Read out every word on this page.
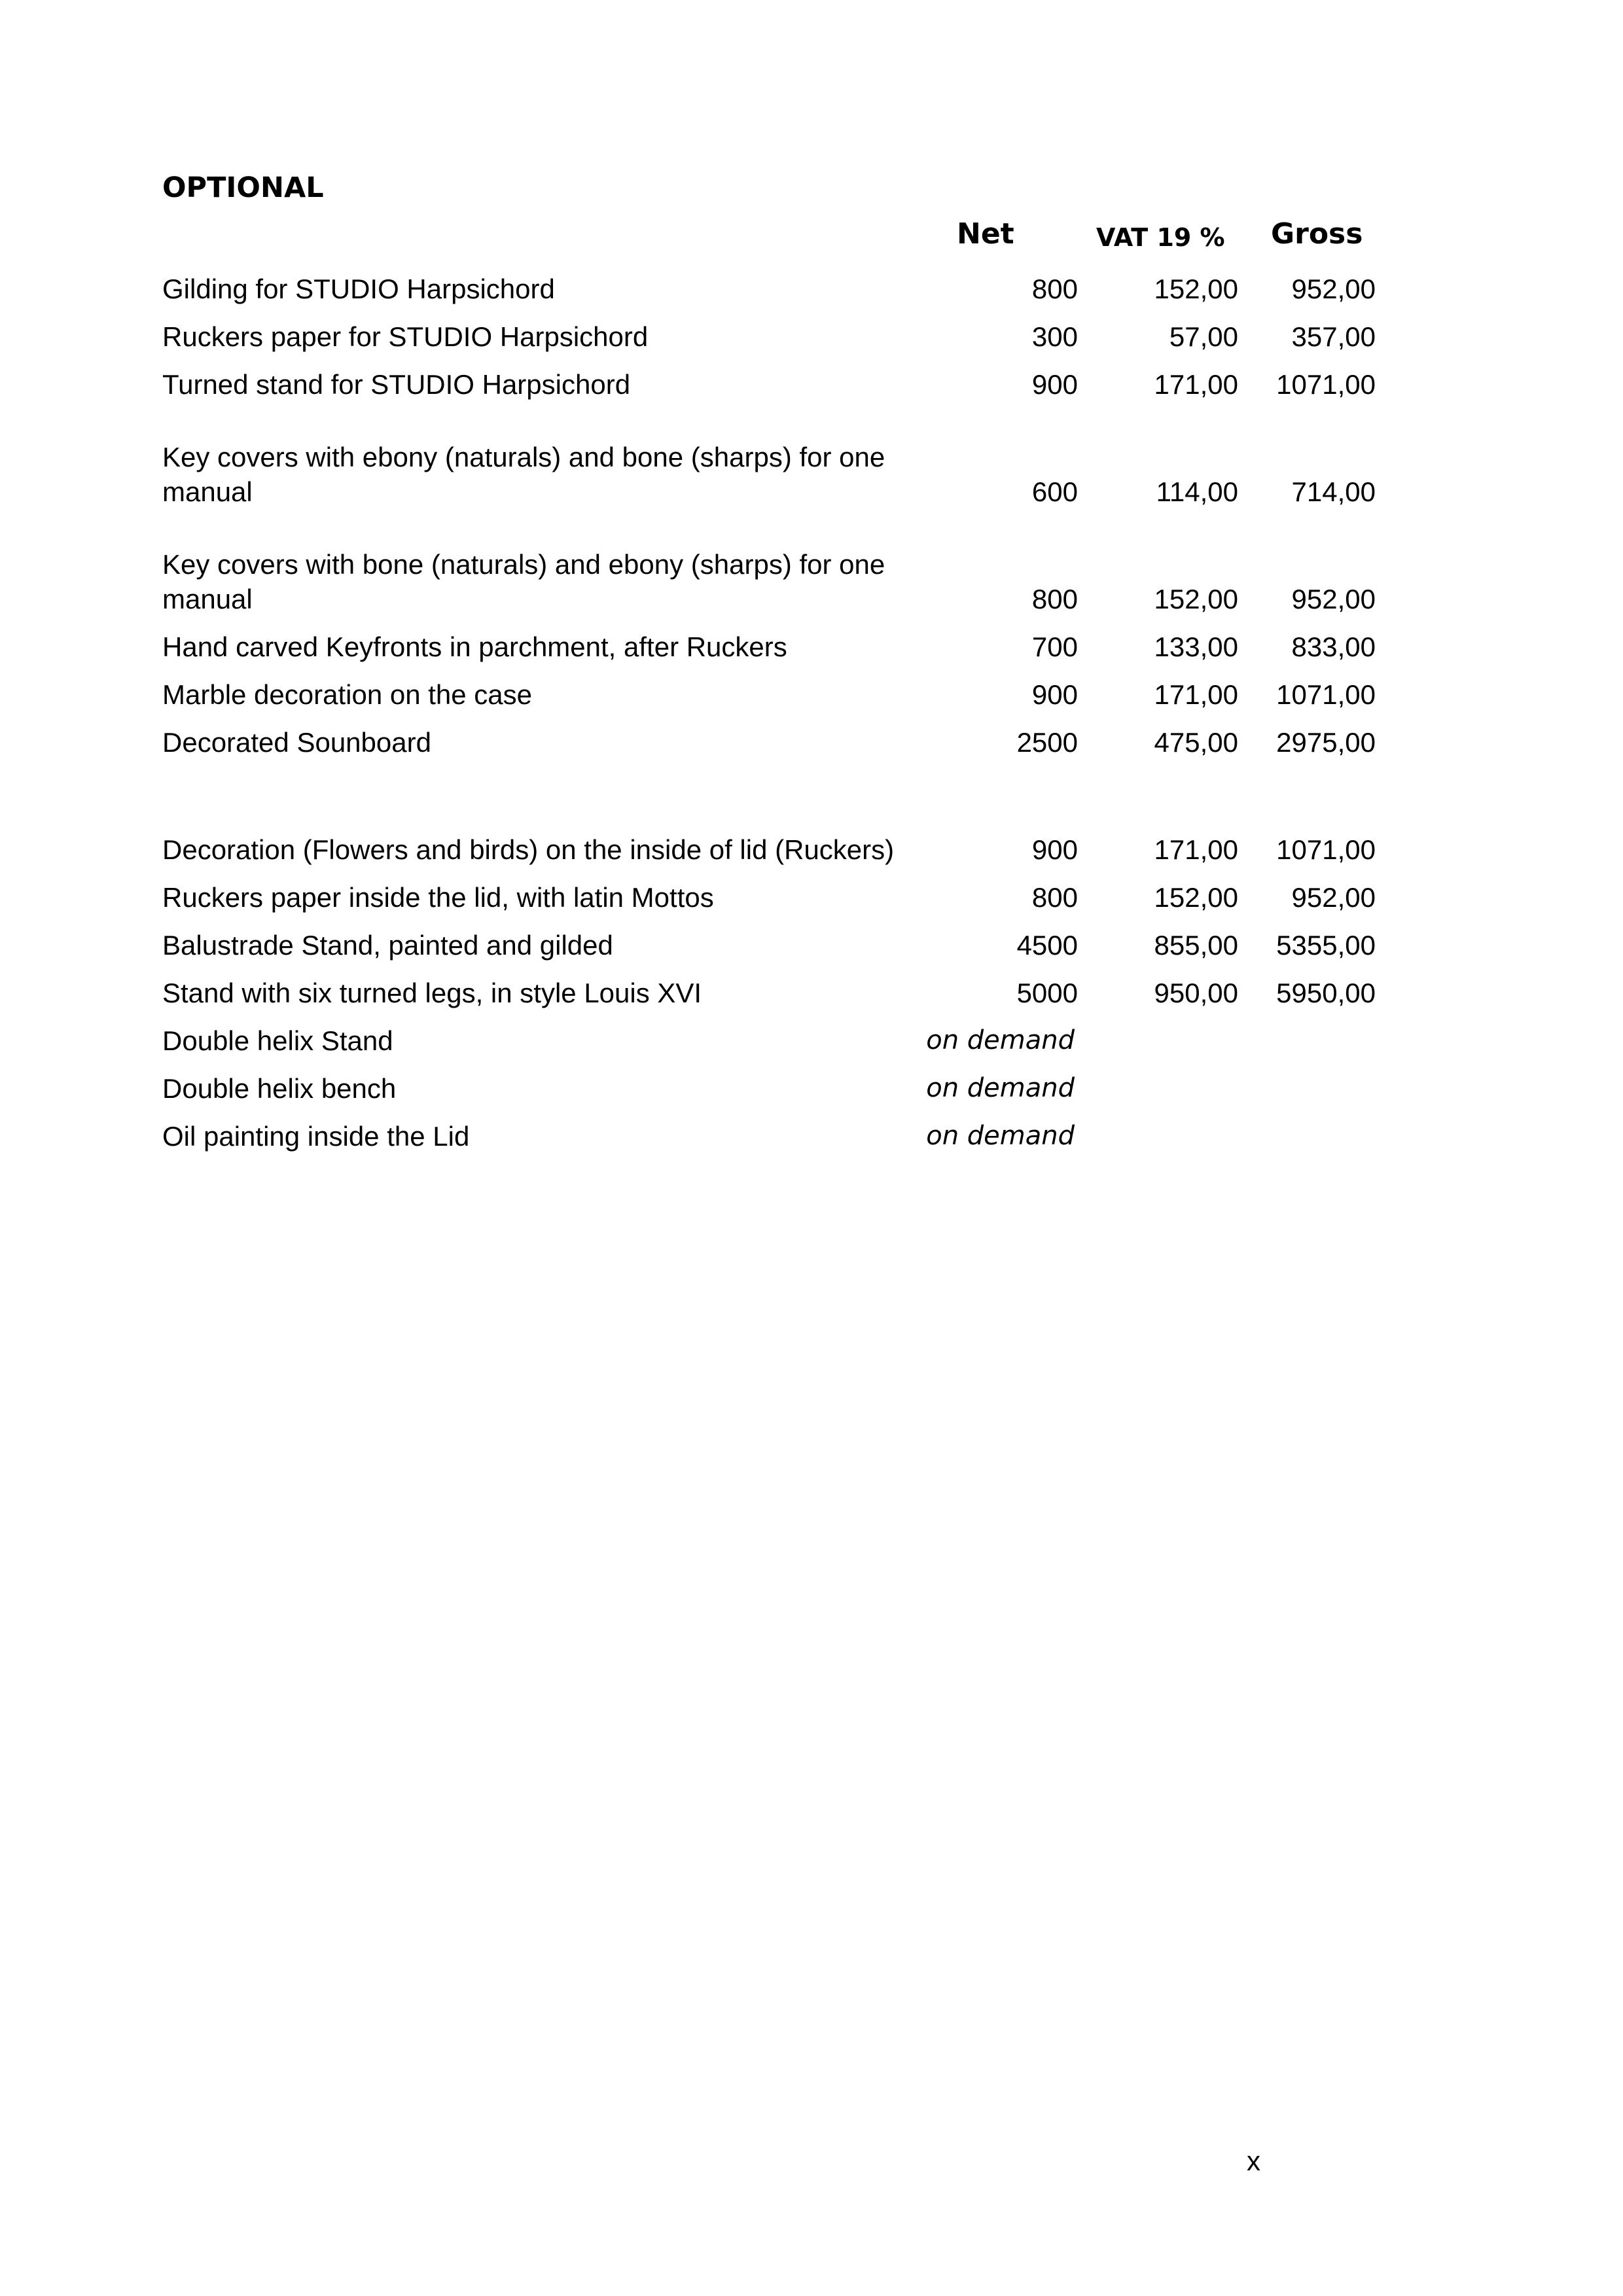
OPTIONAL
Net	VAT 19 % Gross
Gilding for STUDIO Harpsichord	800	152,00	952,00
Ruckers paper for STUDIO Harpsichord	300	57,00	357,00
Turned stand for STUDIO Harpsichord	900	171,00	1071,00
Key covers with ebony (naturals) and bone (sharps) for one manual	600	114,00	714,00
Key covers with bone (naturals) and ebony (sharps) for one manual	800	152,00	952,00
Hand carved Keyfronts in parchment, after Ruckers	700	133,00	833,00
Marble decoration on the case	900	171,00	1071,00
Decorated Sounboard	2500	475,00	2975,00
Decoration (Flowers and birds) on the inside of lid (Ruckers)	900	171,00	1071,00
Ruckers paper inside the lid, with latin Mottos	800	152,00	952,00
Balustrade Stand, painted and gilded	4500	855,00	5355,00
Stand with six turned legs, in style Louis XVI	5000	950,00	5950,00
Double helix Stand	on demand
Double helix bench	on demand
Oil painting inside the Lid	on demand
x
